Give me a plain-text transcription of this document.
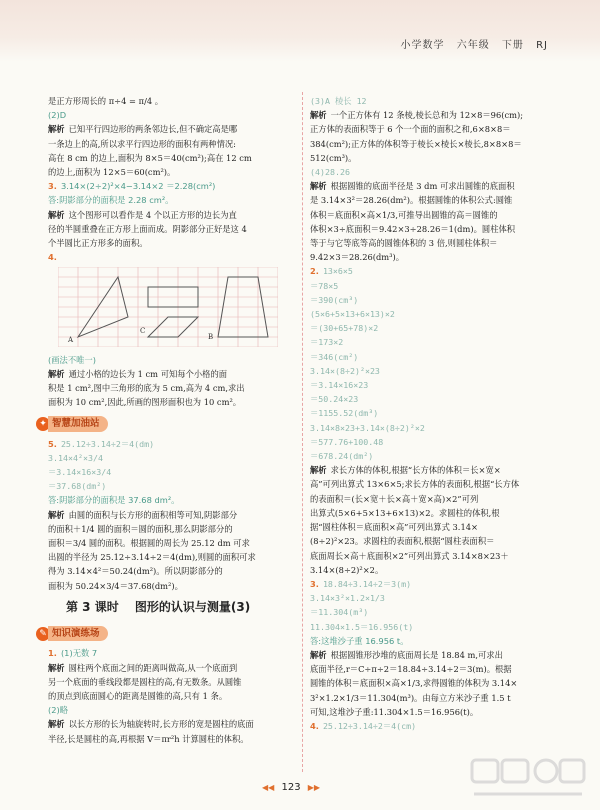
小学数学 六年级 下册 RJ

是正方形周长的 π÷4 = π/4 。

(2)D

解析 已知平行四边形的两条邻边长,但不确定高是哪

一条边上的高,所以求平行四边形的面积有两种情况:

高在 8 cm 的边上,面积为 8×5＝40(cm²);高在 12 cm

的边上,面积为 12×5＝60(cm²)。

3. 3.14×(2÷2)²×4−3.14×2 ＝2.28(cm²)

答:阴影部分的面积是 2.28 cm²。

解析 这个图形可以看作是 4 个以正方形的边长为直

径的半圆重叠在正方形上面而成。阴影部分正好是这 4

个半圆比正方形多的面积。

4.

A
C
B

(画法不唯一)

解析 通过小格的边长为 1 cm 可知每个小格的面

积是 1 cm²,图中三角形的底为 5 cm,高为 4 cm,求出

面积为 10 cm²,因此,所画的图形面积也为 10 cm²。

✦ 智慧加油站

5. 25.12÷3.14÷2＝4(dm)

3.14×4²×3/4

＝3.14×16×3/4

＝37.68(dm²)

答:阴影部分的面积是 37.68 dm²。

解析 由圆的面积与长方形的面积相等可知,阴影部分

的面积＋1/4 圆的面积＝圆的面积,那么阴影部分的

面积＝3/4 圆的面积。根据圆的周长为 25.12 dm 可求

出圆的半径为 25.12÷3.14÷2＝4(dm),则圆的面积可求

得为 3.14×4²＝50.24(dm²)。所以阴影部分的

面积为 50.24×3/4＝37.68(dm²)。

第 3 课时 图形的认识与测量(3)
✎ 知识演练场

1. (1)无数 7

解析 圆柱两个底面之间的距离叫做高,从一个底面到

另一个底面的垂线段都是圆柱的高,有无数条。从圆锥

的顶点到底面圆心的距离是圆锥的高,只有 1 条。

(2)略

解析 以长方形的长为轴旋转时,长方形的宽是圆柱的底面

半径,长是圆柱的高,再根据 V＝πr²h 计算圆柱的体积。

(3)A 棱长 12

解析 一个正方体有 12 条棱,棱长总和为 12×8＝96(cm);

正方体的表面积等于 6 个一个面的面积之和,6×8×8＝

384(cm²);正方体的体积等于棱长×棱长×棱长,8×8×8＝

512(cm³)。

(4)28.26

解析 根据圆锥的底面半径是 3 dm 可求出圆锥的底面积

是 3.14×3²＝28.26(dm²)。根据圆锥的体积公式:圆锥

体积＝底面积×高×1/3,可推导出圆锥的高＝圆锥的

体积×3÷底面积＝9.42×3÷28.26＝1(dm)。圆柱体积

等于与它等底等高的圆锥体积的 3 倍,则圆柱体积＝

9.42×3＝28.26(dm³)。

2. 13×6×5

＝78×5

＝390(cm³)

(5×6+5×13+6×13)×2

＝(30+65+78)×2

＝173×2

＝346(cm²)

3.14×(8÷2)²×23

＝3.14×16×23

＝50.24×23

＝1155.52(dm³)

3.14×8×23+3.14×(8÷2)²×2

＝577.76+100.48

＝678.24(dm²)

解析 求长方体的体积,根据“长方体的体积＝长×宽×

高”可列出算式 13×6×5;求长方体的表面积,根据“长方体

的表面积＝(长×宽＋长×高＋宽×高)×2”可列

出算式(5×6+5×13+6×13)×2。求圆柱的体积,根

据“圆柱体积＝底面积×高”可列出算式 3.14×

(8÷2)²×23。求圆柱的表面积,根据“圆柱表面积＝

底面周长×高＋底面积×2”可列出算式 3.14×8×23＋

3.14×(8÷2)²×2。

3. 18.84÷3.14÷2＝3(m)

3.14×3²×1.2×1/3

＝11.304(m³)

11.304×1.5＝16.956(t)

答:这堆沙子重 16.956 t。

解析 根据圆锥形沙堆的底面周长是 18.84 m,可求出

底面半径,r＝C÷π÷2＝18.84÷3.14÷2＝3(m)。根据

圆锥的体积＝底面积×高×1/3,求得圆锥的体积为 3.14×

3²×1.2×1/3＝11.304(m³)。由每立方米沙子重 1.5 t

可知,这堆沙子重:11.304×1.5＝16.956(t)。

4. 25.12÷3.14÷2＝4(cm)

◀◀ 123 ▶▶
